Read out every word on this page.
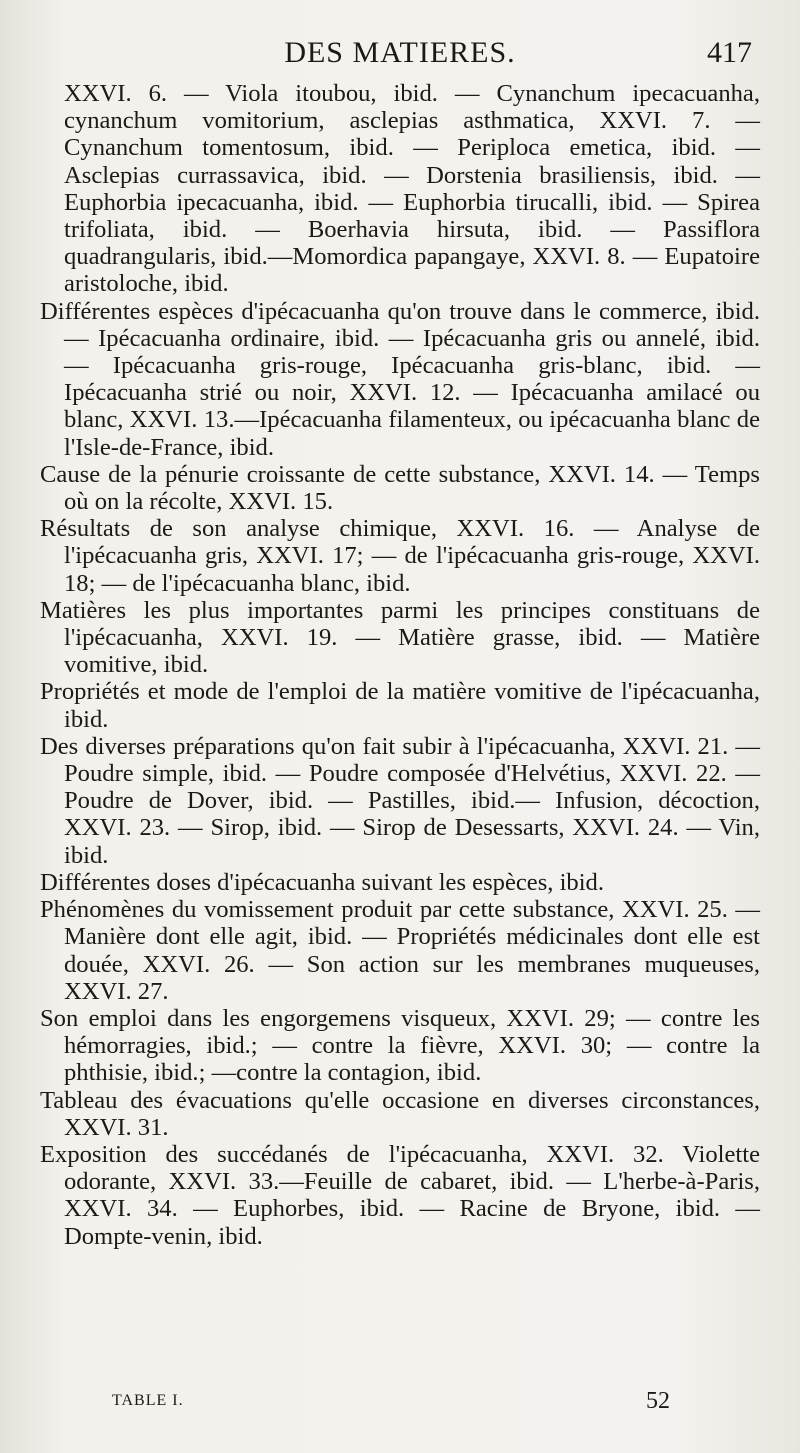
DES MATIERES.	417

XXVI. 6. — Viola itoubou, ibid. — Cynanchum ipecacuanha, cynanchum vomitorium, asclepias asthmatica, XXVI. 7. — Cynanchum tomentosum, ibid. — Periploca emetica, ibid. — Asclepias currassavica, ibid. — Dorstenia brasiliensis, ibid. — Euphorbia ipecacuanha, ibid. — Euphorbia tirucalli, ibid. — Spirea trifoliata, ibid. — Boerhavia hirsuta, ibid. — Passiflora quadrangularis, ibid.—Momordica papangaye, XXVI. 8. — Eupatoire aristoloche, ibid.

Différentes espèces d'ipécacuanha qu'on trouve dans le commerce, ibid. — Ipécacuanha ordinaire, ibid. — Ipécacuanha gris ou annelé, ibid. — Ipécacuanha gris-rouge, Ipécacuanha gris-blanc, ibid. — Ipécacuanha strié ou noir, XXVI. 12. — Ipécacuanha amilacé ou blanc, XXVI. 13.—Ipécacuanha filamenteux, ou ipécacuanha blanc de l'Isle-de-France, ibid.

Cause de la pénurie croissante de cette substance, XXVI. 14. — Temps où on la récolte, XXVI. 15.

Résultats de son analyse chimique, XXVI. 16. — Analyse de l'ipécacuanha gris, XXVI. 17; — de l'ipécacuanha gris-rouge, XXVI. 18; — de l'ipécacuanha blanc, ibid.

Matières les plus importantes parmi les principes constituans de l'ipécacuanha, XXVI. 19. — Matière grasse, ibid. — Matière vomitive, ibid.

Propriétés et mode de l'emploi de la matière vomitive de l'ipécacuanha, ibid.

Des diverses préparations qu'on fait subir à l'ipécacuanha, XXVI. 21. — Poudre simple, ibid. — Poudre composée d'Helvétius, XXVI. 22. — Poudre de Dover, ibid. — Pastilles, ibid.— Infusion, décoction, XXVI. 23. — Sirop, ibid. — Sirop de Desessarts, XXVI. 24. — Vin, ibid.

Différentes doses d'ipécacuanha suivant les espèces, ibid.

Phénomènes du vomissement produit par cette substance, XXVI. 25. — Manière dont elle agit, ibid. — Propriétés médicinales dont elle est douée, XXVI. 26. — Son action sur les membranes muqueuses, XXVI. 27.

Son emploi dans les engorgemens visqueux, XXVI. 29; — contre les hémorragies, ibid.; — contre la fièvre, XXVI. 30; — contre la phthisie, ibid.; —contre la contagion, ibid.

Tableau des évacuations qu'elle occasione en diverses circonstances, XXVI. 31.

Exposition des succédanés de l'ipécacuanha, XXVI. 32. Violette odorante, XXVI. 33.—Feuille de cabaret, ibid. — L'herbe-à-Paris, XXVI. 34. — Euphorbes, ibid. — Racine de Bryone, ibid. — Dompte-venin, ibid.

TABLE I.	52
